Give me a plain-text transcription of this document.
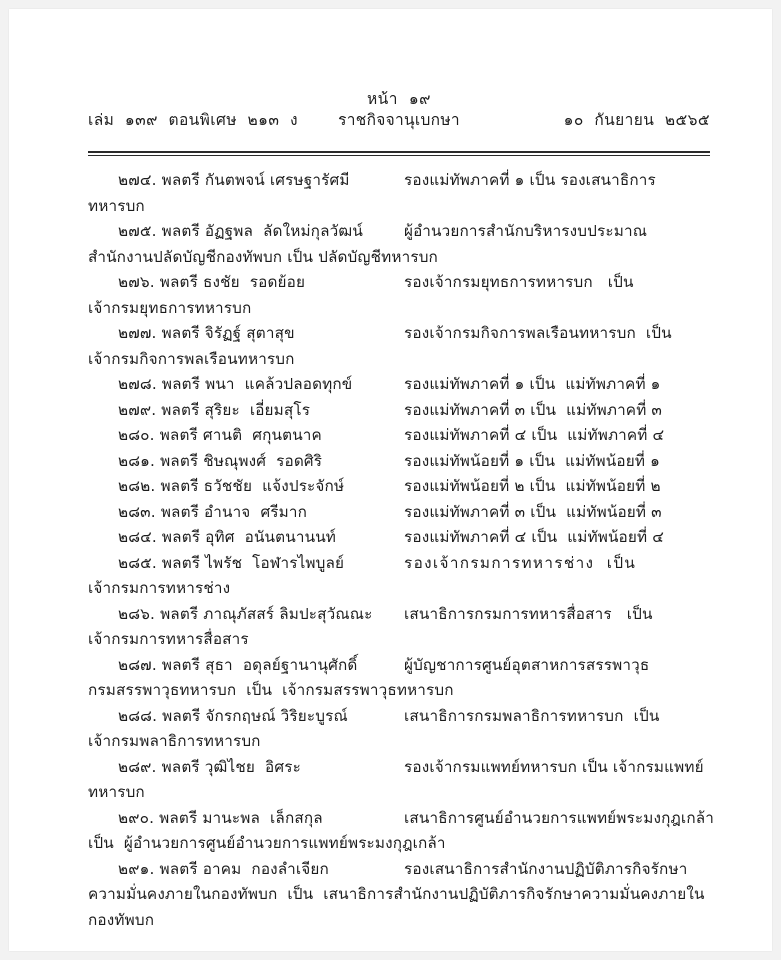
หน้า  ๑๙
เล่ม  ๑๓๙  ตอนพิเศษ  ๒๑๓  ง	ราชกิจจานุเบกษา	๑๐  กันยายน  ๒๕๖๕
๒๗๔. พลตรี กันตพจน์ เศรษฐารัศมี	รองแม่ทัพภาคที่ ๑ เป็น รองเสนาธิการ
ทหารบก
๒๗๕. พลตรี อัฏฐพล  ลัดใหม่กุลวัฒน์	ผู้อำนวยการสำนักบริหารงบประมาณ
สำนักงานปลัดบัญชีกองทัพบก เป็น ปลัดบัญชีทหารบก
๒๗๖. พลตรี ธงชัย  รอดย้อย	รองเจ้ากรมยุทธการทหารบก   เป็น
เจ้ากรมยุทธการทหารบก
๒๗๗. พลตรี จิรัฏฐ์ สุตาสุข	รองเจ้ากรมกิจการพลเรือนทหารบก  เป็น
เจ้ากรมกิจการพลเรือนทหารบก
๒๗๘. พลตรี พนา  แคล้วปลอดทุกข์	รองแม่ทัพภาคที่ ๑ เป็น  แม่ทัพภาคที่ ๑
๒๗๙. พลตรี สุริยะ  เอี่ยมสุโร	รองแม่ทัพภาคที่ ๓ เป็น  แม่ทัพภาคที่ ๓
๒๘๐. พลตรี ศานติ  ศกุนตนาค	รองแม่ทัพภาคที่ ๔ เป็น  แม่ทัพภาคที่ ๔
๒๘๑. พลตรี ชิษณุพงศ์  รอดศิริ	รองแม่ทัพน้อยที่ ๑ เป็น  แม่ทัพน้อยที่ ๑
๒๘๒. พลตรี ธวัชชัย  แจ้งประจักษ์	รองแม่ทัพน้อยที่ ๒ เป็น  แม่ทัพน้อยที่ ๒
๒๘๓. พลตรี อำนาจ  ศรีมาก	รองแม่ทัพภาคที่ ๓ เป็น  แม่ทัพน้อยที่ ๓
๒๘๔. พลตรี อุทิศ  อนันตนานนท์	รองแม่ทัพภาคที่ ๔ เป็น  แม่ทัพน้อยที่ ๔
๒๘๕. พลตรี ไพรัช  โอฬารไพบูลย์	รองเจ้ากรมการทหารช่าง  เป็น
เจ้ากรมการทหารช่าง
๒๘๖. พลตรี ภาณุภัสสร์ ลิมปะสุวัณณะ	เสนาธิการกรมการทหารสื่อสาร   เป็น
เจ้ากรมการทหารสื่อสาร
๒๘๗. พลตรี สุธา  อดุลย์ฐานานุศักดิ์	ผู้บัญชาการศูนย์อุตสาหการสรรพาวุธ
กรมสรรพาวุธทหารบก  เป็น  เจ้ากรมสรรพาวุธทหารบก
๒๘๘. พลตรี จักรกฤษณ์ วิริยะบูรณ์	เสนาธิการกรมพลาธิการทหารบก  เป็น
เจ้ากรมพลาธิการทหารบก
๒๘๙. พลตรี วุฒิไชย  อิศระ	รองเจ้ากรมแพทย์ทหารบก เป็น เจ้ากรมแพทย์
ทหารบก
๒๙๐. พลตรี มานะพล  เล็กสกุล	เสนาธิการศูนย์อำนวยการแพทย์พระมงกุฎเกล้า
เป็น  ผู้อำนวยการศูนย์อำนวยการแพทย์พระมงกุฎเกล้า
๒๙๑. พลตรี อาคม  กองลำเจียก	รองเสนาธิการสำนักงานปฏิบัติภารกิจรักษา
ความมั่นคงภายในกองทัพบก  เป็น  เสนาธิการสำนักงานปฏิบัติภารกิจรักษาความมั่นคงภายใน
กองทัพบก
